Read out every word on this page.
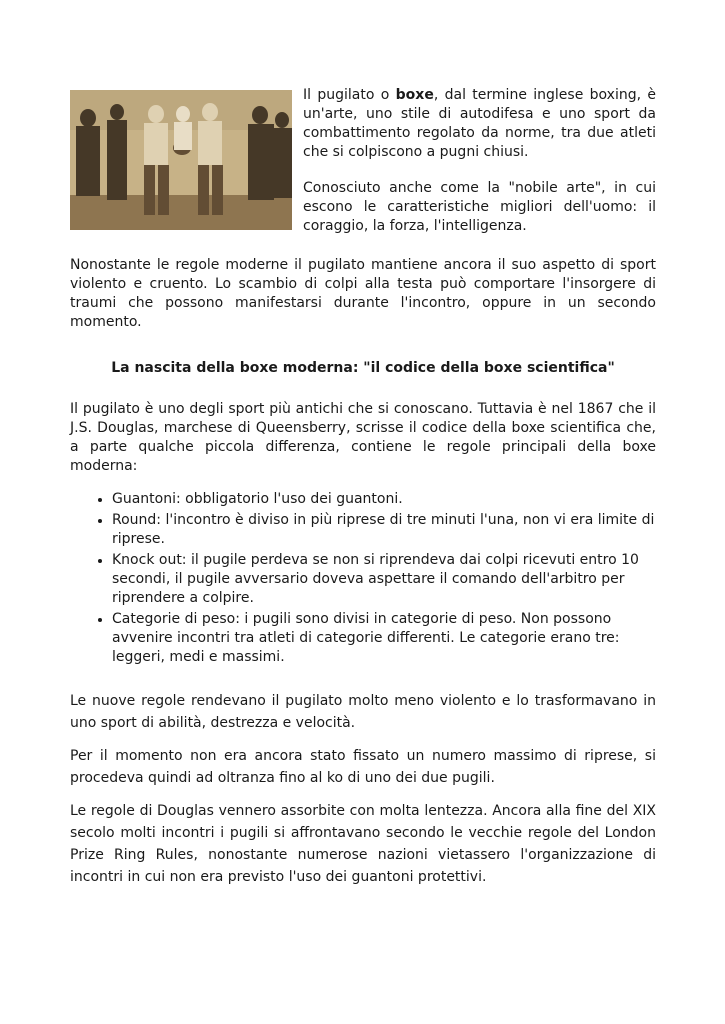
Il pugilato o boxe, dal termine inglese boxing, è un'arte, uno stile di autodifesa e uno sport da combattimento regolato da norme, tra due atleti che si colpiscono a pugni chiusi.

Conosciuto anche come la "nobile arte", in cui escono le caratteristiche migliori dell'uomo: il coraggio, la forza, l'intelligenza.

Nonostante le regole moderne il pugilato mantiene ancora il suo aspetto di sport violento e cruento. Lo scambio di colpi alla testa può comportare l'insorgere di traumi che possono manifestarsi durante l'incontro, oppure in un secondo momento.

La nascita della boxe moderna: "il codice della boxe scientifica"

Il pugilato è uno degli sport più antichi che si conoscano. Tuttavia è nel 1867 che il J.S. Douglas, marchese di Queensberry, scrisse il codice della boxe scientifica che, a parte qualche piccola differenza, contiene le regole principali della boxe moderna:

• Guantoni: obbligatorio l'uso dei guantoni.
• Round: l'incontro è diviso in più riprese di tre minuti l'una, non vi era limite di riprese.
• Knock out: il pugile perdeva se non si riprendeva dai colpi ricevuti entro 10 secondi, il pugile avversario doveva aspettare il comando dell'arbitro per riprendere a colpire.
• Categorie di peso: i pugili sono divisi in categorie di peso. Non possono avvenire incontri tra atleti di categorie differenti. Le categorie erano tre: leggeri, medi e massimi.

Le nuove regole rendevano il pugilato molto meno violento e lo trasformavano in uno sport di abilità, destrezza e velocità.

Per il momento non era ancora stato fissato un numero massimo di riprese, si procedeva quindi ad oltranza fino al ko di uno dei due pugili.

Le regole di Douglas vennero assorbite con molta lentezza. Ancora alla fine del XIX secolo molti incontri i pugili si affrontavano secondo le vecchie regole del London Prize Ring Rules, nonostante numerose nazioni vietassero l'organizzazione di incontri in cui non era previsto l'uso dei guantoni protettivi.
